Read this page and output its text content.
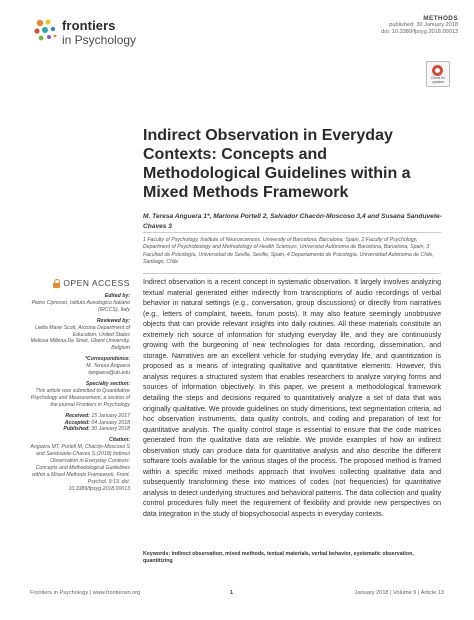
frontiers
in Psychology
METHODS
published: 30 January 2018
doi: 10.3389/fpsyg.2018.00013
Check for updates
Indirect Observation in Everyday Contexts: Concepts and Methodological Guidelines within a Mixed Methods Framework
M. Teresa Anguera 1*, Mariona Portell 2, Salvador Chacón-Moscoso 3,4 and Susana Sanduvete-Chaves 3
1 Faculty of Psychology, Institute of Neurosciences, University of Barcelona, Barcelona, Spain, 2 Faculty of Psychology, Department of Psychobiology and Methodology of Health Sciences, Universitat Autònoma de Barcelona, Barcelona, Spain, 3 Facultad de Psicología, Universidad de Sevilla, Seville, Spain, 4 Departamento de Psicología, Universidad Autónoma de Chile, Santiago, Chile
OPEN ACCESS
Edited by:
Pietro Cipresso, Istituto Auxologico Italiano (IRCCS), Italy
Reviewed by:
Lietta Marie Scott, Arizona Department of Education, United States
Melissa Millena De Smet, Ghent University, Belgium
*Correspondence:
M. Teresa Anguera
tanguera@ub.edu
Specialty section:
This article was submitted to Quantitative Psychology and Measurement, a section of the journal Frontiers in Psychology
Received: 15 January 2017
Accepted: 04 January 2018
Published: 30 January 2018
Citation:
Anguera MT, Portell M, Chacón-Moscoso S and Sanduvete-Chaves S (2018) Indirect Observation in Everyday Contexts: Concepts and Methodological Guidelines within a Mixed Methods Framework. Front. Psychol. 9:13. doi: 10.3389/fpsyg.2018.00013
Indirect observation is a recent concept in systematic observation. It largely involves analyzing textual material generated either indirectly from transcriptions of audio recordings of verbal behavior in natural settings (e.g., conversation, group discussions) or directly from narratives (e.g., letters of complaint, tweets, forum posts). It may also feature seemingly unobtrusive objects that can provide relevant insights into daily routines. All these materials constitute an extremely rich source of information for studying everyday life, and they are continuously growing with the burgeoning of new technologies for data recording, dissemination, and storage. Narratives are an excellent vehicle for studying everyday life, and quantitization is proposed as a means of integrating qualitative and quantitative elements. However, this analysis requires a structured system that enables researchers to analyze varying forms and sources of information objectively. In this paper, we present a methodological framework detailing the steps and decisions required to quantitatively analyze a set of data that was originally qualitative. We provide guidelines on study dimensions, text segmentation criteria, ad hoc observation instruments, data quality controls, and coding and preparation of text for quantitative analysis. The quality control stage is essential to ensure that the code matrices generated from the qualitative data are reliable. We provide examples of how an indirect observation study can produce data for quantitative analysis and also describe the different software tools available for the various stages of the process. The proposed method is framed within a specific mixed methods approach that involves collecting qualitative data and subsequently transforming these into matrices of codes (not frequencies) for quantitative analysis to detect underlying structures and behavioral patterns. The data collection and quality control procedures fully meet the requirement of flexibility and provide new perspectives on data integration in the study of biopsychosocial aspects in everyday contexts.
Keywords: indirect observation, mixed methods, textual materials, verbal behavior, systematic observation, quantitizing
Frontiers in Psychology | www.frontiersin.org	1	January 2018 | Volume 9 | Article 13
